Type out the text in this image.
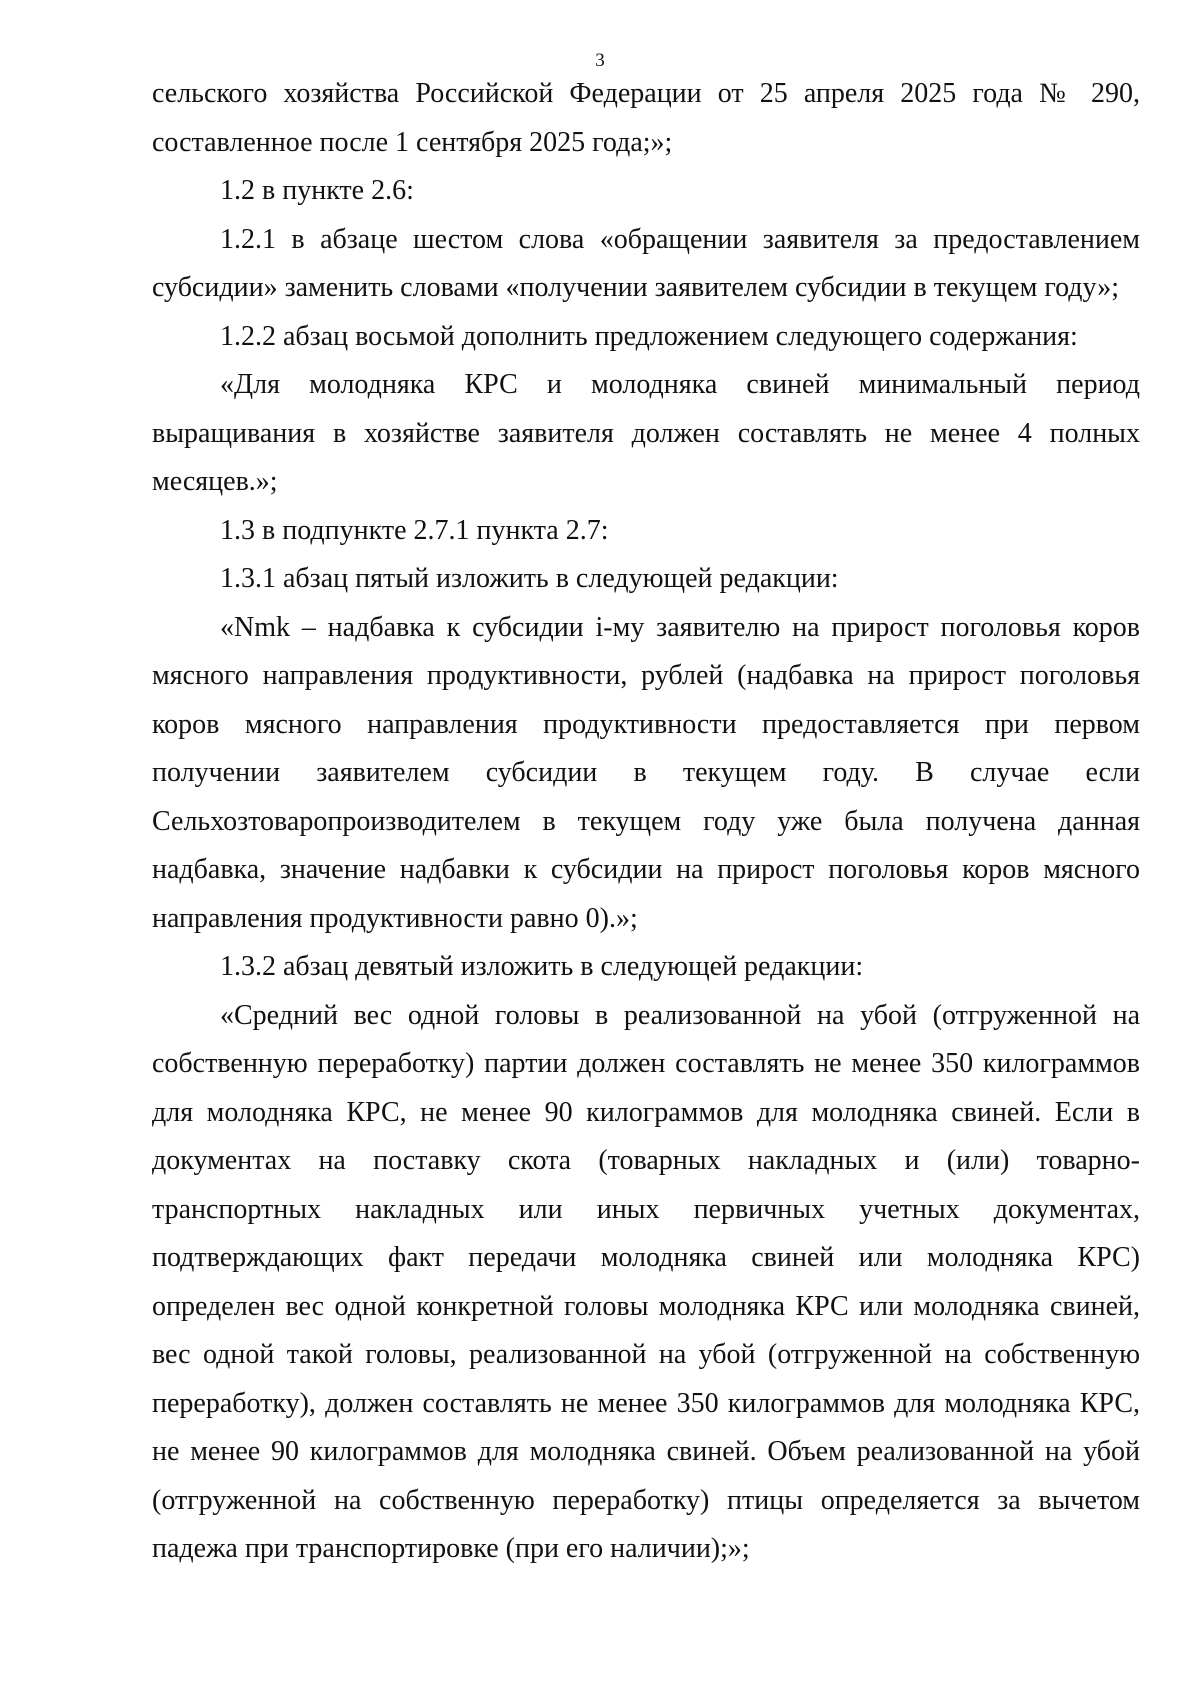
3

сельского хозяйства Российской Федерации от 25 апреля 2025 года № 290, составленное после 1 сентября 2025 года;»;

1.2 в пункте 2.6:

1.2.1 в абзаце шестом слова «обращении заявителя за предоставлением субсидии» заменить словами «получении заявителем субсидии в текущем году»;

1.2.2 абзац восьмой дополнить предложением следующего содержания:

«Для молодняка КРС и молодняка свиней минимальный период выращивания в хозяйстве заявителя должен составлять не менее 4 полных месяцев.»;

1.3 в подпункте 2.7.1 пункта 2.7:

1.3.1 абзац пятый изложить в следующей редакции:

«Nmk – надбавка к субсидии i-му заявителю на прирост поголовья коров мясного направления продуктивности, рублей (надбавка на прирост поголовья коров мясного направления продуктивности предоставляется при первом получении заявителем субсидии в текущем году. В случае если Сельхозтоваропроизводителем в текущем году уже была получена данная надбавка, значение надбавки к субсидии на прирост поголовья коров мясного направления продуктивности равно 0).»;

1.3.2 абзац девятый изложить в следующей редакции:

«Средний вес одной головы в реализованной на убой (отгруженной на собственную переработку) партии должен составлять не менее 350 килограммов для молодняка КРС, не менее 90 килограммов для молодняка свиней. Если в документах на поставку скота (товарных накладных и (или) товарно-транспортных накладных или иных первичных учетных документах, подтверждающих факт передачи молодняка свиней или молодняка КРС) определен вес одной конкретной головы молодняка КРС или молодняка свиней, вес одной такой головы, реализованной на убой (отгруженной на собственную переработку), должен составлять не менее 350 килограммов для молодняка КРС, не менее 90 килограммов для молодняка свиней. Объем реализованной на убой (отгруженной на собственную переработку) птицы определяется за вычетом падежа при транспортировке (при его наличии);»;
